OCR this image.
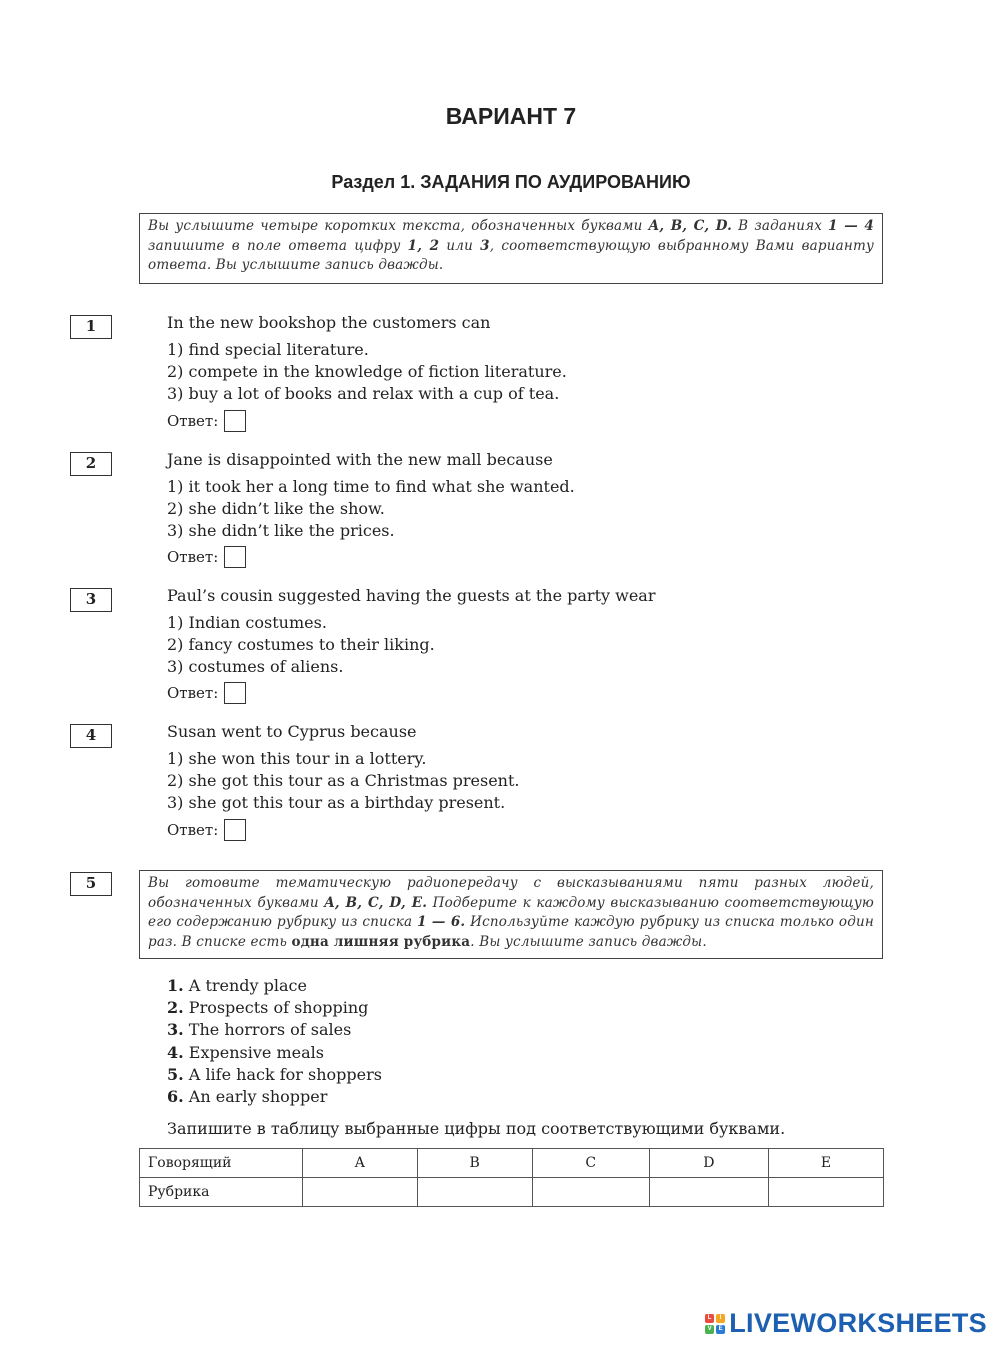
ВАРИАНТ 7
Раздел 1. ЗАДАНИЯ ПО АУДИРОВАНИЮ
Вы услышите четыре коротких текста, обозначенных буквами A, B, C, D. В заданиях 1 — 4 запишите в поле ответа цифру 1, 2 или 3, соответствующую выбранному Вами варианту ответа. Вы услышите запись дважды.
1	In the new bookshop the customers can
1) find special literature.
2) compete in the knowledge of fiction literature.
3) buy a lot of books and relax with a cup of tea.
Ответ:
2	Jane is disappointed with the new mall because
1) it took her a long time to find what she wanted.
2) she didn’t like the show.
3) she didn’t like the prices.
Ответ:
3	Paul’s cousin suggested having the guests at the party wear
1) Indian costumes.
2) fancy costumes to their liking.
3) costumes of aliens.
Ответ:
4	Susan went to Cyprus because
1) she won this tour in a lottery.
2) she got this tour as a Christmas present.
3) she got this tour as a birthday present.
Ответ:
5	Вы готовите тематическую радиопередачу с высказываниями пяти разных людей, обозначенных буквами A, B, C, D, E. Подберите к каждому высказыванию соответствующую его содержанию рубрику из списка 1 — 6. Используйте каждую рубрику из списка только один раз. В списке есть одна лишняя рубрика. Вы услышите запись дважды.
1. A trendy place
2. Prospects of shopping
3. The horrors of sales
4. Expensive meals
5. A life hack for shoppers
6. An early shopper
Запишите в таблицу выбранные цифры под соответствующими буквами.
Говорящий	A	B	C	D	E
Рубрика					
L	I
V	E LIVEWORKSHEETS
